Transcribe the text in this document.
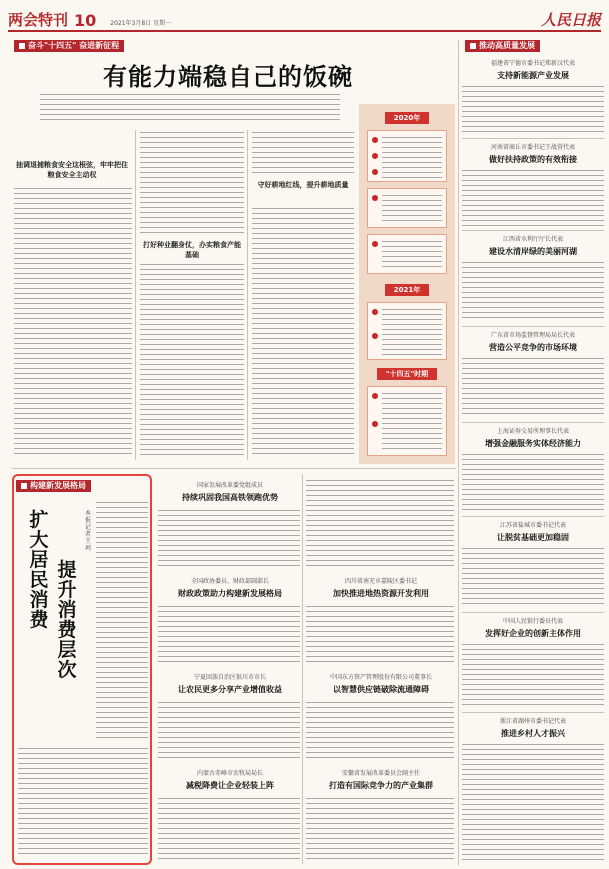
两会特刊 10 2021年3月8日 星期一	人民日报
奋斗"十四五" 奋进新征程	推动高质量发展
有能力端稳自己的饭碗
抽调退捕粮食安全这根弦，牢牢把住粮食安全主动权
打好种业翻身仗，办实粮食产能基础
守好耕地红线，提升耕地质量
2020年
2021年
"十四五"时期
构建新发展格局
扩大居民消费
提升消费层次
本报记者 王珂
国家发展改革委党组成员
持续巩固我国高铁领跑优势
全国政协委员、财政部副部长
财政政策助力构建新发展格局
宁夏回族自治区银川市市长
让农民更多分享产业增值收益
内蒙古赤峰市农牧局局长
减税降费让企业轻装上阵
四川省南充市嘉陵区委书记
加快推进地热资源开发利用
中国东方资产管理股份有限公司董事长
以智慧供应链破除流通障碍
安徽省发展改革委员会副主任
打造有国际竞争力的产业集群
福建省宁德市委书记郑新汉代表
支持新能源产业发展
河南省商丘市委书记王战营代表
做好扶持政策的有效衔接
江西省水利厅厅长代表
建设水清岸绿的美丽河湖
广东省市场监督管理局局长代表
营造公平竞争的市场环境
上海证券交易所理事长代表
增强金融服务实体经济能力
江苏省盐城市委书记代表
让脱贫基础更加稳固
中国人民银行委员代表
发挥好企业的创新主体作用
浙江省湖州市委书记代表
推进乡村人才振兴
